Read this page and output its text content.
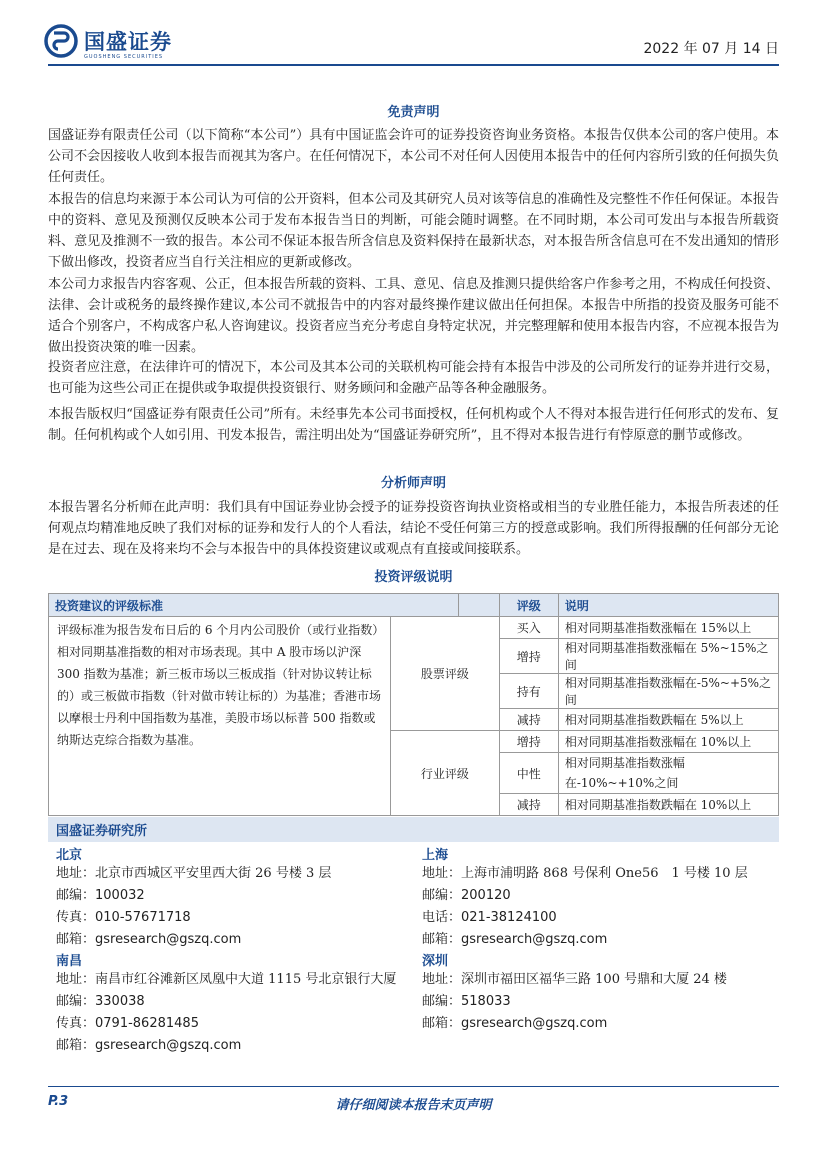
国盛证券
GUOSHENG SECURITIES	2022 年 07 月 14 日
免责声明

国盛证券有限责任公司（以下简称“本公司”）具有中国证监会许可的证券投资咨询业务资格。本报告仅供本公司的客户使用。本公司不会因接收人收到本报告而视其为客户。在任何情况下，本公司不对任何人因使用本报告中的任何内容所引致的任何损失负任何责任。

本报告的信息均来源于本公司认为可信的公开资料，但本公司及其研究人员对该等信息的准确性及完整性不作任何保证。本报告中的资料、意见及预测仅反映本公司于发布本报告当日的判断，可能会随时调整。在不同时期，本公司可发出与本报告所载资料、意见及推测不一致的报告。本公司不保证本报告所含信息及资料保持在最新状态，对本报告所含信息可在不发出通知的情形下做出修改，投资者应当自行关注相应的更新或修改。

本公司力求报告内容客观、公正，但本报告所载的资料、工具、意见、信息及推测只提供给客户作参考之用，不构成任何投资、法律、会计或税务的最终操作建议,本公司不就报告中的内容对最终操作建议做出任何担保。本报告中所指的投资及服务可能不适合个别客户，不构成客户私人咨询建议。投资者应当充分考虑自身特定状况，并完整理解和使用本报告内容，不应视本报告为做出投资决策的唯一因素。

投资者应注意，在法律许可的情况下，本公司及其本公司的关联机构可能会持有本报告中涉及的公司所发行的证券并进行交易，也可能为这些公司正在提供或争取提供投资银行、财务顾问和金融产品等各种金融服务。

本报告版权归“国盛证券有限责任公司”所有。未经事先本公司书面授权，任何机构或个人不得对本报告进行任何形式的发布、复制。任何机构或个人如引用、刊发本报告，需注明出处为“国盛证券研究所”，且不得对本报告进行有悖原意的删节或修改。

分析师声明

本报告署名分析师在此声明：我们具有中国证券业协会授予的证券投资咨询执业资格或相当的专业胜任能力，本报告所表述的任何观点均精准地反映了我们对标的证券和发行人的个人看法，结论不受任何第三方的授意或影响。我们所得报酬的任何部分无论是在过去、现在及将来均不会与本报告中的具体投资建议或观点有直接或间接联系。

投资评级说明
投资建议的评级标准			评级	说明
评级标准为报告发布日后的 6 个月内公司股价（或行业指数）相对同期基准指数的相对市场表现。其中 A 股市场以沪深 300 指数为基准；新三板市场以三板成指（针对协议转让标的）或三板做市指数（针对做市转让标的）为基准；香港市场以摩根士丹利中国指数为基准，美股市场以标普 500 指数或纳斯达克综合指数为基准。	股票评级		买入	相对同期基准指数涨幅在 15%以上
			增持	相对同期基准指数涨幅在 5%~15%之间
			持有	相对同期基准指数涨幅在-5%~+5%之间
			减持	相对同期基准指数跌幅在 5%以上
	行业评级		增持	相对同期基准指数涨幅在 10%以上
			中性	相对同期基准指数涨幅在-10%~+10%之间
			减持	相对同期基准指数跌幅在 10%以上
国盛证券研究所
北京
地址：北京市西城区平安里西大街 26 号楼 3 层
邮编：100032
传真：010-57671718
邮箱：gsresearch@gszq.com
上海
地址：上海市浦明路 868 号保利 One56　1 号楼 10 层
邮编：200120
电话：021-38124100
邮箱：gsresearch@gszq.com
南昌
地址：南昌市红谷滩新区凤凰中大道 1115 号北京银行大厦
邮编：330038
传真：0791-86281485
邮箱：gsresearch@gszq.com
深圳
地址：深圳市福田区福华三路 100 号鼎和大厦 24 楼
邮编：518033
邮箱：gsresearch@gszq.com
P.3	请仔细阅读本报告末页声明
